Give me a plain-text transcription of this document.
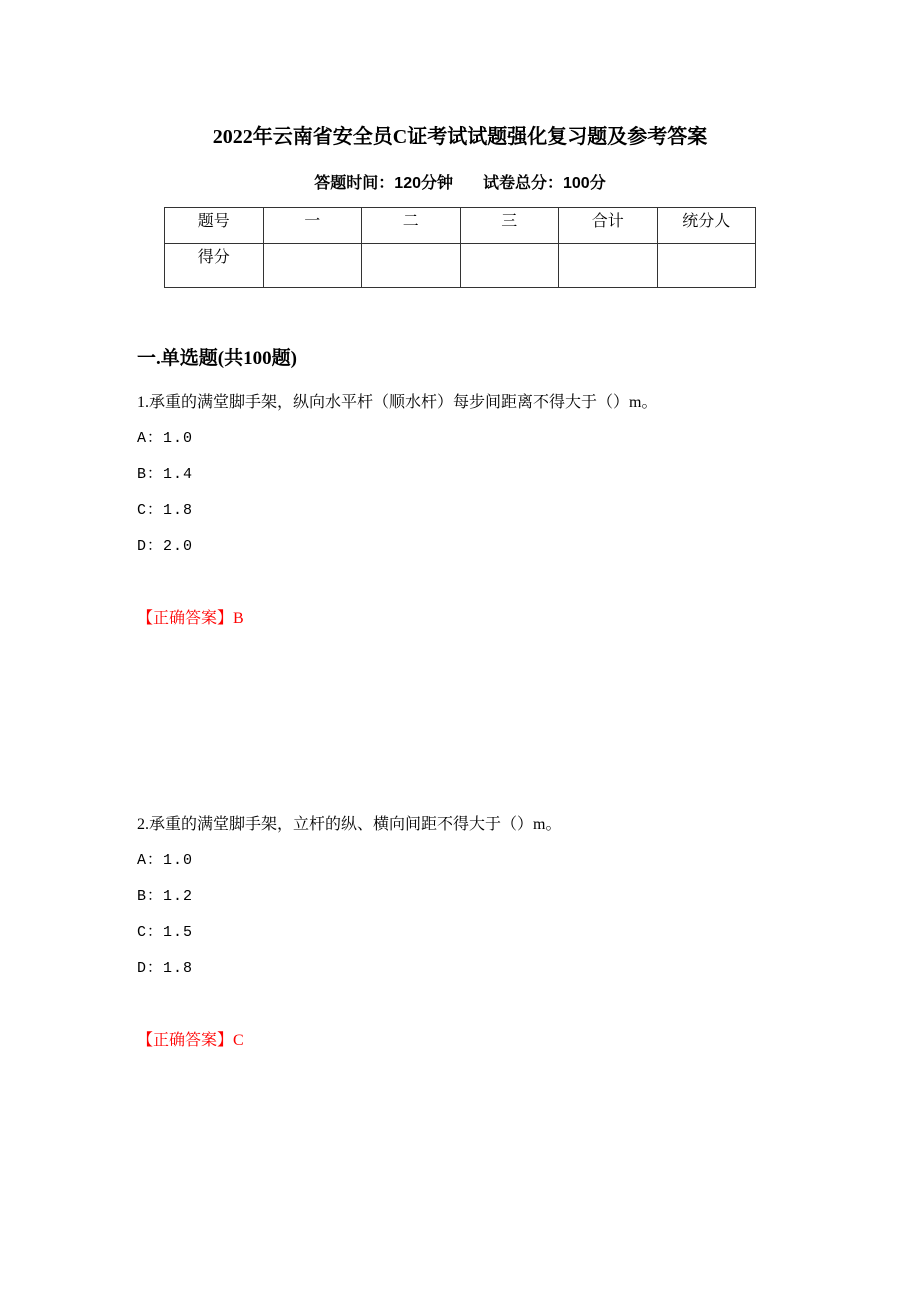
2022年云南省安全员C证考试试题强化复习题及参考答案
答题时间：120分钟 试卷总分：100分
题号	一	二	三	合计	统分人
得分					
一.单选题(共100题)
1.承重的满堂脚手架，纵向水平杆（顺水杆）每步间距离不得大于（）m。
A：1.0
B：1.4
C：1.8
D：2.0
【正确答案】B
2.承重的满堂脚手架，立杆的纵、横向间距不得大于（）m。
A：1.0
B：1.2
C：1.5
D：1.8
【正确答案】C
